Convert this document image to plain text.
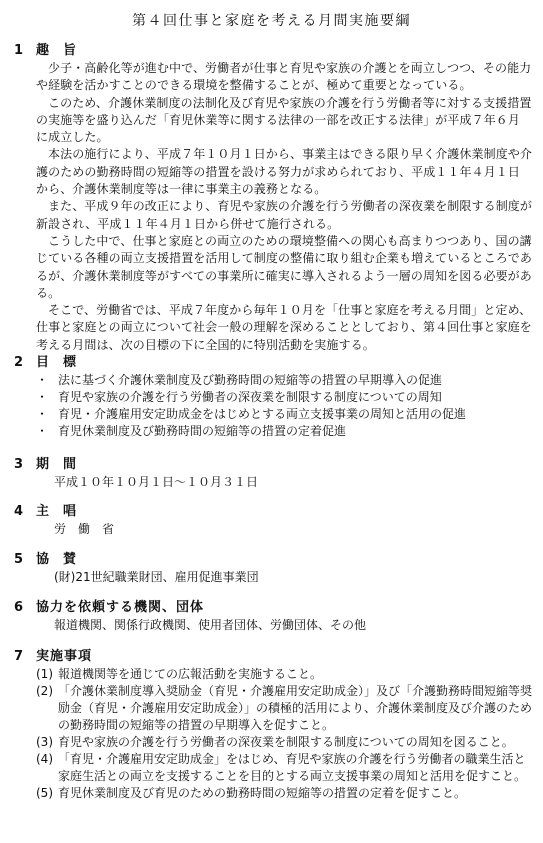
第４回仕事と家庭を考える月間実施要綱
1 趣旨

少子・高齢化等が進む中で、労働者が仕事と育児や家族の介護とを両立しつつ、その能力や経験を活かすことのできる環境を整備することが、極めて重要となっている。

このため、介護休業制度の法制化及び育児や家族の介護を行う労働者等に対する支援措置の実施等を盛り込んだ「育児休業等に関する法律の一部を改正する法律」が平成７年６月に成立した。

本法の施行により、平成７年１０月１日から、事業主はできる限り早く介護休業制度や介護のための勤務時間の短縮等の措置を設ける努力が求められており、平成１１年４月１日から、介護休業制度等は一律に事業主の義務となる。

また、平成９年の改正により、育児や家族の介護を行う労働者の深夜業を制限する制度が新設され、平成１１年４月１日から併せて施行される。

こうした中で、仕事と家庭との両立のための環境整備への関心も高まりつつあり、国の講じている各種の両立支援措置を活用して制度の整備に取り組む企業も増えているところであるが、介護休業制度等がすべての事業所に確実に導入されるよう一層の周知を図る必要がある。

そこで、労働省では、平成７年度から毎年１０月を「仕事と家庭を考える月間」と定め、仕事と家庭との両立について社会一般の理解を深めることとしており、第４回仕事と家庭を考える月間は、次の目標の下に全国的に特別活動を実施する。

2 目標
・ 法に基づく介護休業制度及び勤務時間の短縮等の措置の早期導入の促進
・ 育児や家族の介護を行う労働者の深夜業を制限する制度についての周知
・ 育児・介護雇用安定助成金をはじめとする両立支援事業の周知と活用の促進
・ 育児休業制度及び勤務時間の短縮等の措置の定着促進
3 期間
平成１０年１０月１日～１０月３１日
4 主唱
労　働　省
5 協賛
(財)21世紀職業財団、雇用促進事業団
6 協力を依頼する機関、団体
報道機関、関係行政機関、使用者団体、労働団体、その他
7 実施事項
(1) 報道機関等を通じての広報活動を実施すること。
(2) 「介護休業制度導入奨励金（育児・介護雇用安定助成金）」及び「介護勤務時間短縮等奨励金（育児・介護雇用安定助成金）」の積極的活用により、介護休業制度及び介護のための勤務時間の短縮等の措置の早期導入を促すこと。
(3) 育児や家族の介護を行う労働者の深夜業を制限する制度についての周知を図ること。
(4) 「育児・介護雇用安定助成金」をはじめ、育児や家族の介護を行う労働者の職業生活と家庭生活との両立を支援することを目的とする両立支援事業の周知と活用を促すこと。
(5) 育児休業制度及び育児のための勤務時間の短縮等の措置の定着を促すこと。
